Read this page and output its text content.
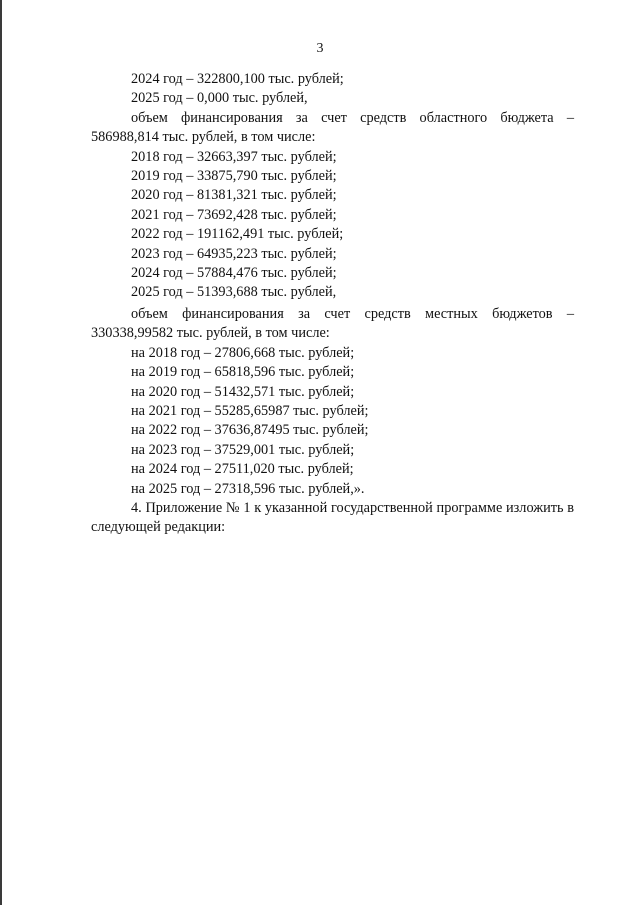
3
2024 год – 322800,100 тыс. рублей;
2025 год – 0,000 тыс. рублей,
объем финансирования за счет средств областного бюджета – 586988,814 тыс. рублей, в том числе:
2018 год – 32663,397 тыс. рублей;
2019 год – 33875,790 тыс. рублей;
2020 год – 81381,321 тыс. рублей;
2021 год – 73692,428 тыс. рублей;
2022 год – 191162,491 тыс. рублей;
2023 год – 64935,223 тыс. рублей;
2024 год – 57884,476 тыс. рублей;
2025 год – 51393,688 тыс. рублей,
объем финансирования за счет средств местных бюджетов – 330338,99582 тыс. рублей, в том числе:
на 2018 год – 27806,668 тыс. рублей;
на 2019 год – 65818,596 тыс. рублей;
на 2020 год – 51432,571 тыс. рублей;
на 2021 год – 55285,65987 тыс. рублей;
на 2022 год – 37636,87495 тыс. рублей;
на 2023 год – 37529,001 тыс. рублей;
на 2024 год – 27511,020 тыс. рублей;
на 2025 год – 27318,596 тыс. рублей,».
4. Приложение № 1 к указанной государственной программе изложить в следующей редакции:
